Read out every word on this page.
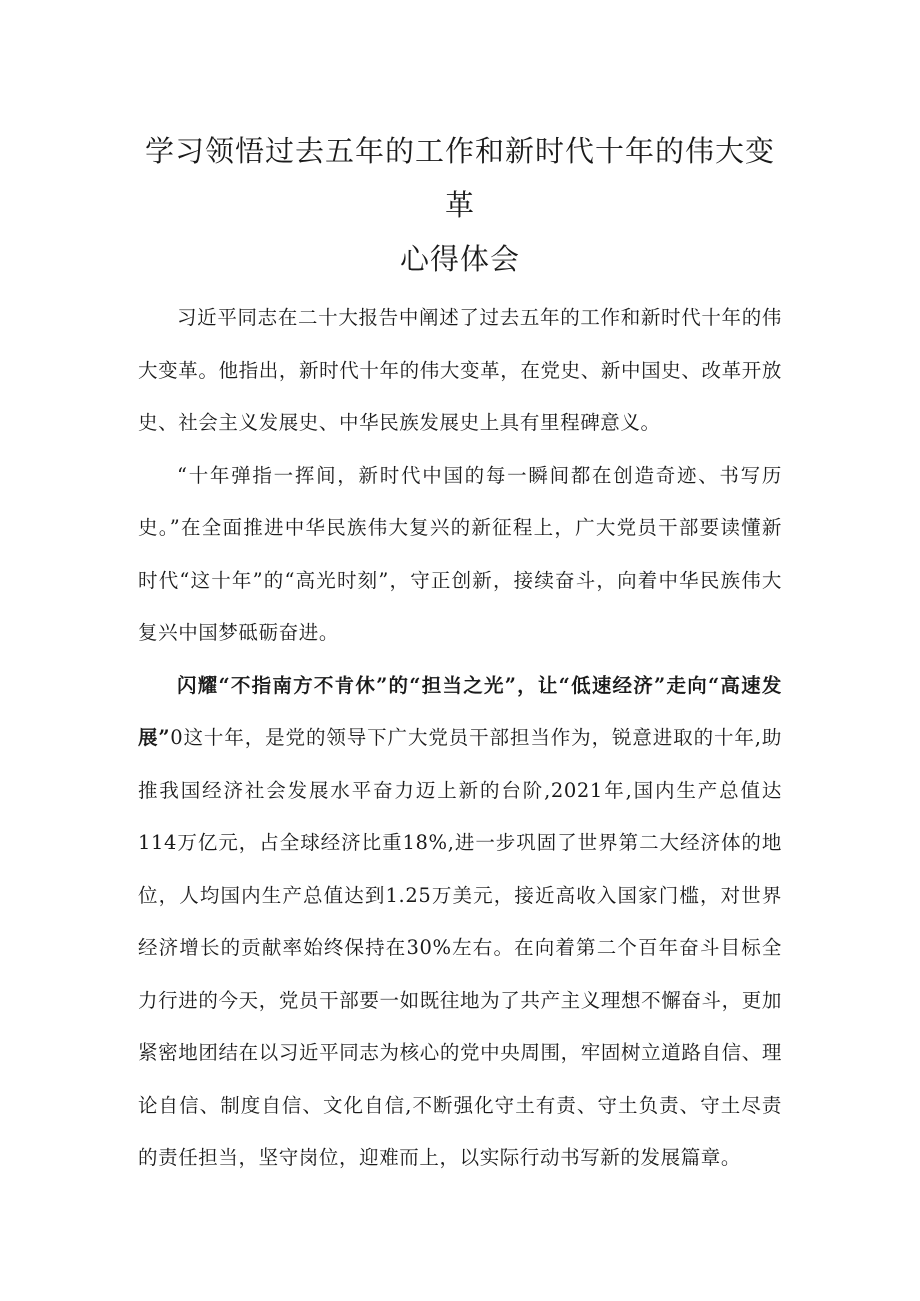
学习领悟过去五年的工作和新时代十年的伟大变革
心得体会

习近平同志在二十大报告中阐述了过去五年的工作和新时代十年的伟大变革。他指出，新时代十年的伟大变革，在党史、新中国史、改革开放史、社会主义发展史、中华民族发展史上具有里程碑意义。

“十年弹指一挥间，新时代中国的每一瞬间都在创造奇迹、书写历史。”在全面推进中华民族伟大复兴的新征程上，广大党员干部要读懂新时代“这十年”的“高光时刻”，守正创新，接续奋斗，向着中华民族伟大复兴中国梦砥砺奋进。

闪耀“不指南方不肯休”的“担当之光”，让“低速经济”走向“高速发展”0这十年，是党的领导下广大党员干部担当作为，锐意进取的十年,助推我国经济社会发展水平奋力迈上新的台阶,2021年,国内生产总值达114万亿元，占全球经济比重18%,进一步巩固了世界第二大经济体的地位，人均国内生产总值达到1.25万美元，接近高收入国家门槛，对世界经济增长的贡献率始终保持在30%左右。在向着第二个百年奋斗目标全力行进的今天，党员干部要一如既往地为了共产主义理想不懈奋斗，更加紧密地团结在以习近平同志为核心的党中央周围，牢固树立道路自信、理论自信、制度自信、文化自信,不断强化守土有责、守土负责、守土尽责的责任担当，坚守岗位，迎难而上，以实际行动书写新的发展篇章。
